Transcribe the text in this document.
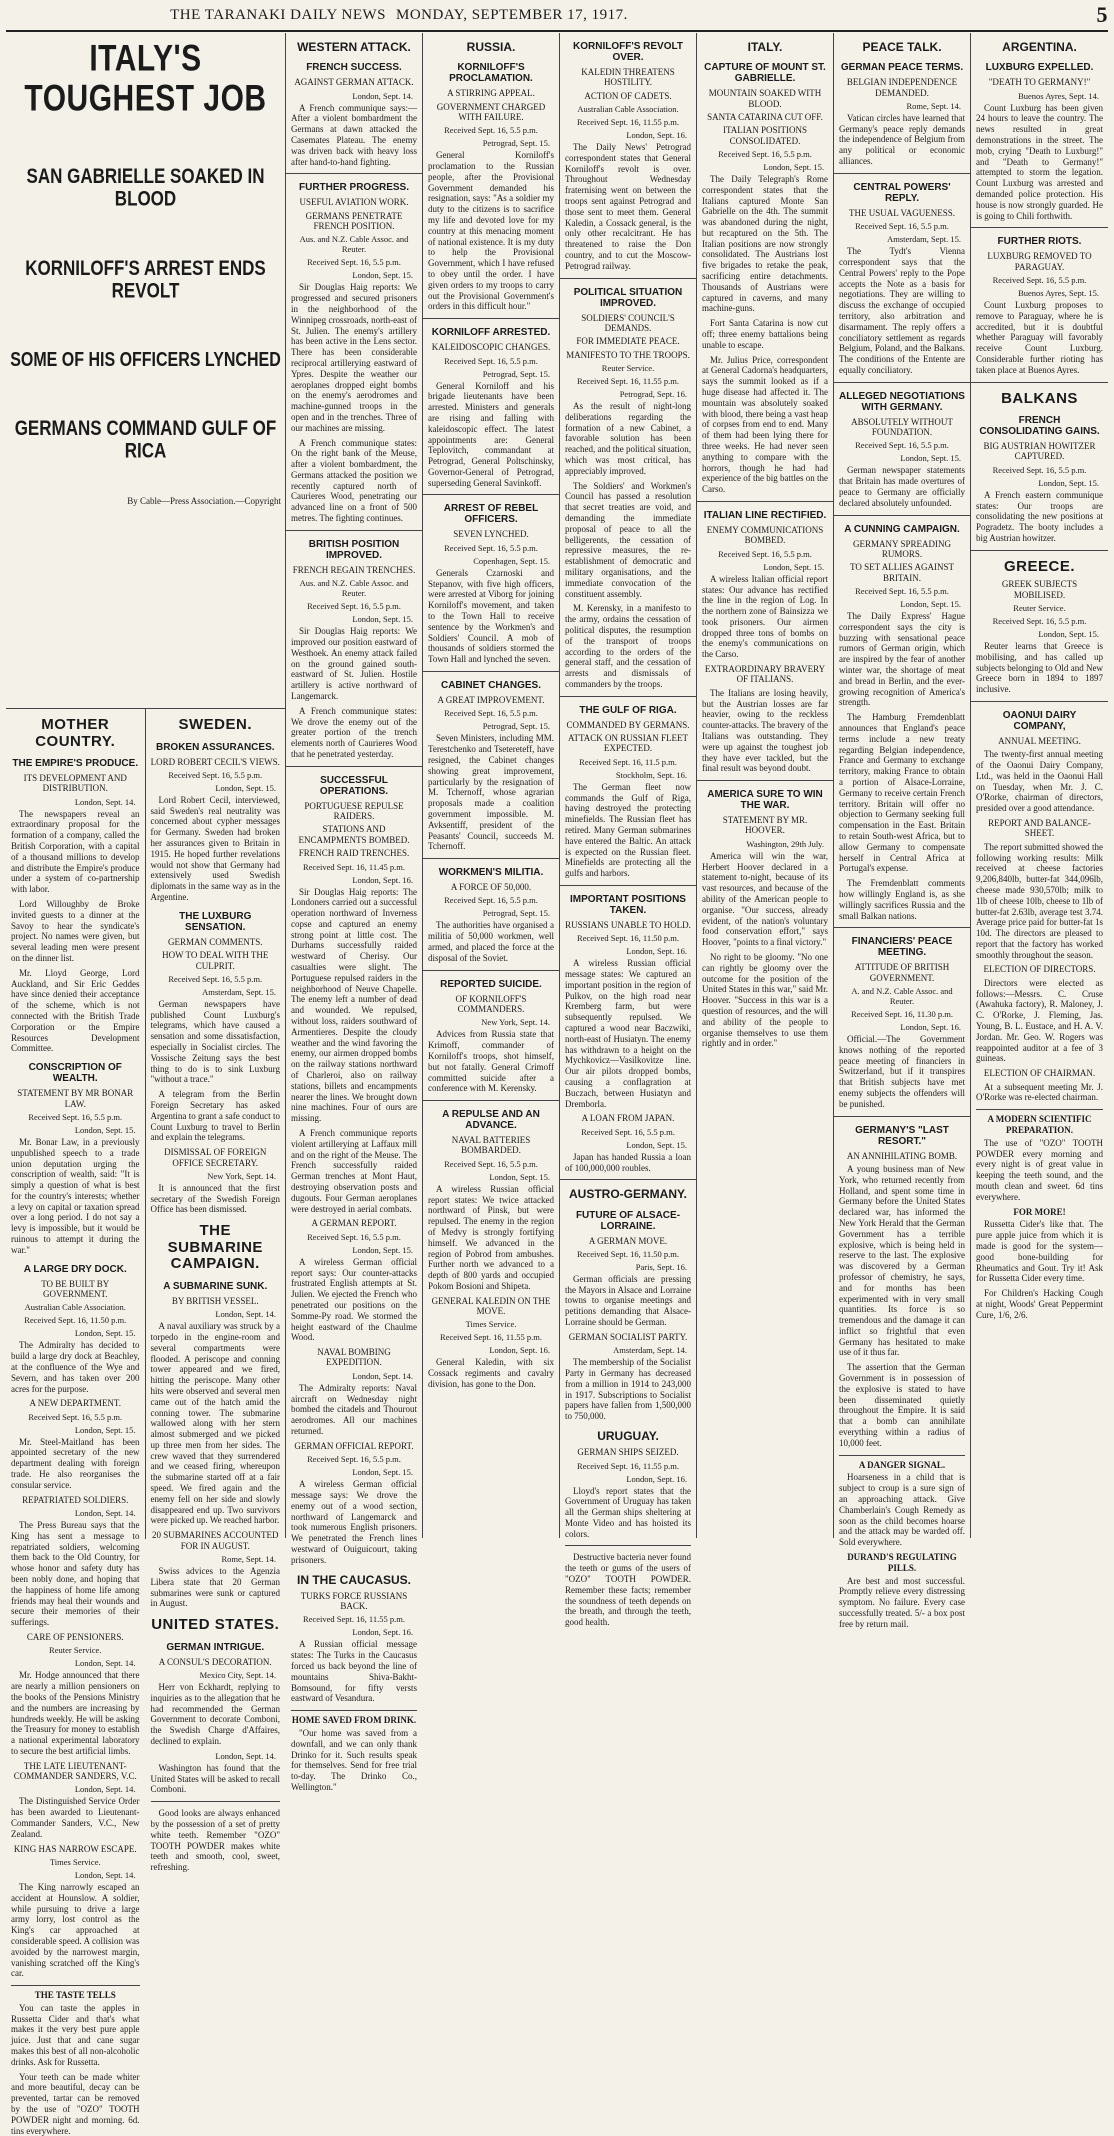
THE TARANAKI DAILY NEWS MONDAY, SEPTEMBER 17, 1917.	5
ITALY'S TOUGHEST JOB
SAN GABRIELLE SOAKED IN BLOOD
KORNILOFF'S ARREST ENDS REVOLT
SOME OF HIS OFFICERS LYNCHED
GERMANS COMMAND GULF OF RICA
By Cable—Press Association.—Copyright
MOTHER COUNTRY.
THE EMPIRE'S PRODUCE.
ITS DEVELOPMENT AND DISTRIBUTION.
London, Sept. 14.

The newspapers reveal an extraordinary proposal for the formation of a company, called the British Corporation, with a capital of a thousand millions to develop and distribute the Empire's produce under a system of co-partnership with labor.

Lord Willoughby de Broke invited guests to a dinner at the Savoy to hear the syndicate's project. No names were given, but several leading men were present on the dinner list.

Mr. Lloyd George, Lord Auckland, and Sir Eric Geddes have since denied their acceptance of the scheme, which is not connected with the British Trade Corporation or the Empire Resources Development Committee.

CONSCRIPTION OF WEALTH.
STATEMENT BY MR BONAR LAW.
Received Sept. 16, 5.5 p.m.
London, Sept. 15.

Mr. Bonar Law, in a previously unpublished speech to a trade union deputation urging the conscription of wealth, said: "It is simply a question of what is best for the country's interests; whether a levy on capital or taxation spread over a long period. I do not say a levy is impossible, but it would be ruinous to attempt it during the war."

A LARGE DRY DOCK.
TO BE BUILT BY GOVERNMENT.
Australian Cable Association.
Received Sept. 16, 11.50 p.m.
London, Sept. 15.

The Admiralty has decided to build a large dry dock at Beachley, at the confluence of the Wye and Severn, and has taken over 200 acres for the purpose.

A NEW DEPARTMENT.
Received Sept. 16, 5.5 p.m.
London, Sept. 15.

Mr. Steel-Maitland has been appointed secretary of the new department dealing with foreign trade. He also reorganises the consular service.

REPATRIATED SOLDIERS.
London, Sept. 14.

The Press Bureau says that the King has sent a message to repatriated soldiers, welcoming them back to the Old Country, for whose honor and safety duty has been nobly done, and hoping that the happiness of home life among friends may heal their wounds and secure their memories of their sufferings.

CARE OF PENSIONERS.
Reuter Service.
London, Sept. 14.

Mr. Hodge announced that there are nearly a million pensioners on the books of the Pensions Ministry and the numbers are increasing by hundreds weekly. He will be asking the Treasury for money to establish a national experimental laboratory to secure the best artificial limbs.

THE LATE LIEUTENANT-COMMANDER SANDERS, V.C.
London, Sept. 14.

The Distinguished Service Order has been awarded to Lieutenant-Commander Sanders, V.C., New Zealand.

KING HAS NARROW ESCAPE.
Times Service.
London, Sept. 14.

The King narrowly escaped an accident at Hounslow. A soldier, while pursuing to drive a large army lorry, lost control as the King's car approached at considerable speed. A collision was avoided by the narrowest margin, vanishing scratched off the King's car.

THE TASTE TELLS

You can taste the apples in Russetta Cider and that's what makes it the very best pure apple juice. Just that and cane sugar makes this best of all non-alcoholic drinks. Ask for Russetta.

Your teeth can be made whiter and more beautiful, decay can be prevented, tartar can be removed by the use of "OZO" TOOTH POWDER night and morning. 6d. tins everywhere.

SWEDEN.
BROKEN ASSURANCES.
LORD ROBERT CECIL'S VIEWS.
Received Sept. 16, 5.5 p.m.
London, Sept. 15.

Lord Robert Cecil, interviewed, said Sweden's real neutrality was concerned about cypher messages for Germany. Sweden had broken her assurances given to Britain in 1915. He hoped further revelations would not show that Germany had extensively used Swedish diplomats in the same way as in the Argentine.

THE LUXBURG SENSATION.
GERMAN COMMENTS.
HOW TO DEAL WITH THE CULPRIT.
Received Sept. 16, 5.5 p.m.
Amsterdam, Sept. 15.

German newspapers have published Count Luxburg's telegrams, which have caused a sensation and some dissatisfaction, especially in Socialist circles. The Vossische Zeitung says the best thing to do is to sink Luxburg "without a trace."

A telegram from the Berlin Foreign Secretary has asked Argentina to grant a safe conduct to Count Luxburg to travel to Berlin and explain the telegrams.

DISMISSAL OF FOREIGN OFFICE SECRETARY.
New York, Sept. 14.

It is announced that the first secretary of the Swedish Foreign Office has been dismissed.

THE SUBMARINE CAMPAIGN.
A SUBMARINE SUNK.
BY BRITISH VESSEL.
London, Sept. 14.

A naval auxiliary was struck by a torpedo in the engine-room and several compartments were flooded. A periscope and conning tower appeared and we fired, hitting the periscope. Many other hits were observed and several men came out of the hatch amid the conning tower. The submarine wallowed along with her stern almost submerged and we picked up three men from her sides. The crew waved that they surrendered and we ceased firing, whereupon the submarine started off at a fair speed. We fired again and the enemy fell on her side and slowly disappeared end up. Two survivors were picked up. We reached harbor.

20 SUBMARINES ACCOUNTED FOR IN AUGUST.
Rome, Sept. 14.

Swiss advices to the Agenzia Libera state that 20 German submarines were sunk or captured in August.

UNITED STATES.
GERMAN INTRIGUE.
A CONSUL'S DECORATION.
Mexico City, Sept. 14.

Herr von Eckhardt, replying to inquiries as to the allegation that he had recommended the German Government to decorate Comboni, the Swedish Charge d'Affaires, declined to explain.

London, Sept. 14.

Washington has found that the United States will be asked to recall Comboni.

Good looks are always enhanced by the possession of a set of pretty white teeth. Remember "OZO" TOOTH POWDER makes white teeth and smooth, cool, sweet, refreshing.

WESTERN ATTACK.
FRENCH SUCCESS.
AGAINST GERMAN ATTACK.
London, Sept. 14.

A French communique says:—After a violent bombardment the Germans at dawn attacked the Casemates Plateau. The enemy was driven back with heavy loss after hand-to-hand fighting.

FURTHER PROGRESS.
USEFUL AVIATION WORK.
GERMANS PENETRATE FRENCH POSITION.
Aus. and N.Z. Cable Assoc. and Reuter.
Received Sept. 16, 5.5 p.m.
London, Sept. 15.

Sir Douglas Haig reports: We progressed and secured prisoners in the neighborhood of the Winnipeg crossroads, north-east of St. Julien. The enemy's artillery has been active in the Lens sector. There has been considerable reciprocal artillerying eastward of Ypres. Despite the weather our aeroplanes dropped eight bombs on the enemy's aerodromes and machine-gunned troops in the open and in the trenches. Three of our machines are missing.

A French communique states: On the right bank of the Meuse, after a violent bombardment, the Germans attacked the position we recently captured north of Caurieres Wood, penetrating our advanced line on a front of 500 metres. The fighting continues.

BRITISH POSITION IMPROVED.
FRENCH REGAIN TRENCHES.
Aus. and N.Z. Cable Assoc. and Reuter.
Received Sept. 16, 5.5 p.m.
London, Sept. 15.

Sir Douglas Haig reports: We improved our position eastward of Westhoek. An enemy attack failed on the ground gained south-eastward of St. Julien. Hostile artillery is active northward of Langemarck.

A French communique states: We drove the enemy out of the greater portion of the trench elements north of Caurieres Wood that he penetrated yesterday.

SUCCESSFUL OPERATIONS.
PORTUGUESE REPULSE RAIDERS.
STATIONS AND ENCAMPMENTS BOMBED.
FRENCH RAID TRENCHES.
Received Sept. 16, 11.45 p.m.
London, Sept. 16.

Sir Douglas Haig reports: The Londoners carried out a successful operation northward of Inverness copse and captured an enemy strong point at little cost. The Durhams successfully raided westward of Cherisy. Our casualties were slight. The Portuguese repulsed raiders in the neighborhood of Neuve Chapelle. The enemy left a number of dead and wounded. We repulsed, without loss, raiders southward of Armentieres. Despite the cloudy weather and the wind favoring the enemy, our airmen dropped bombs on the railway stations northward of Charleroi, also on railway stations, billets and encampments nearer the lines. We brought down nine machines. Four of ours are missing.

A French communique reports violent artillerying at Laffaux mill and on the right of the Meuse. The French successfully raided German trenches at Mont Haut, destroying observation posts and dugouts. Four German aeroplanes were destroyed in aerial combats.

A GERMAN REPORT.
Received Sept. 16, 5.5 p.m.
London, Sept. 15.

A wireless German official report says: Our counter-attacks frustrated English attempts at St. Julien. We ejected the French who penetrated our positions on the Somme-Py road. We stormed the height eastward of the Chaulme Wood.

NAVAL BOMBING EXPEDITION.
London, Sept. 14.

The Admiralty reports: Naval aircraft on Wednesday night bombed the citadels and Thourout aerodromes. All our machines returned.

GERMAN OFFICIAL REPORT.
Received Sept. 16, 5.5 p.m.
London, Sept. 15.

A wireless German official message says: We drove the enemy out of a wood section, northward of Langemarck and took numerous English prisoners. We penetrated the French lines westward of Ouiguicourt, taking prisoners.

IN THE CAUCASUS.
TURKS FORCE RUSSIANS BACK.
Received Sept. 16, 11.55 p.m.
London, Sept. 16.

A Russian official message states: The Turks in the Caucasus forced us back beyond the line of mountains Shiva-Bakht-Bomsound, for fifty versts eastward of Vesandura.

HOME SAVED FROM DRINK.

"Our home was saved from a downfall, and we can only thank Drinko for it. Such results speak for themselves. Send for free trial to-day. The Drinko Co., Wellington."

RUSSIA.
KORNILOFF'S PROCLAMATION.
A STIRRING APPEAL.
GOVERNMENT CHARGED WITH FAILURE.
Received Sept. 16, 5.5 p.m.
Petrograd, Sept. 15.

General Korniloff's proclamation to the Russian people, after the Provisional Government demanded his resignation, says: "As a soldier my duty to the citizens is to sacrifice my life and devoted love for my country at this menacing moment of national existence. It is my duty to help the Provisional Government, which I have refused to obey until the order. I have given orders to my troops to carry out the Provisional Government's orders in this difficult hour."

KORNILOFF ARRESTED.
KALEIDOSCOPIC CHANGES.
Received Sept. 16, 5.5 p.m.
Petrograd, Sept. 15.

General Korniloff and his brigade lieutenants have been arrested. Ministers and generals are rising and falling with kaleidoscopic effect. The latest appointments are: General Teplovitch, commandant at Petrograd, General Poltschinsky, Governor-General of Petrograd, superseding General Savinkoff.

ARREST OF REBEL OFFICERS.
SEVEN LYNCHED.
Received Sept. 16, 5.5 p.m.
Copenhagen, Sept. 15.

Generals Czarnoski and Stepanov, with five high officers, were arrested at Viborg for joining Korniloff's movement, and taken to the Town Hall to receive sentence by the Workmen's and Soldiers' Council. A mob of thousands of soldiers stormed the Town Hall and lynched the seven.

CABINET CHANGES.
A GREAT IMPROVEMENT.
Received Sept. 16, 5.5 p.m.
Petrograd, Sept. 15.

Seven Ministers, including MM. Terestchenko and Tsetereteff, have resigned, the Cabinet changes showing great improvement, particularly by the resignation of M. Tchernoff, whose agrarian proposals made a coalition government impossible. M. Avksentiff, president of the Peasants' Council, succeeds M. Tchernoff.

WORKMEN'S MILITIA.
A FORCE OF 50,000.
Received Sept. 16, 5.5 p.m.
Petrograd, Sept. 15.

The authorities have organised a militia of 50,000 workmen, well armed, and placed the force at the disposal of the Soviet.

REPORTED SUICIDE.
OF KORNILOFF'S COMMANDERS.
New York, Sept. 14.

Advices from Russia state that Krimoff, commander of Korniloff's troops, shot himself, but not fatally. General Crimoff committed suicide after a conference with M. Kerensky.

A REPULSE AND AN ADVANCE.
NAVAL BATTERIES BOMBARDED.
Received Sept. 16, 5.5 p.m.
London, Sept. 15.

A wireless Russian official report states: We twice attacked northward of Pinsk, but were repulsed. The enemy in the region of Medvy is strongly fortifying himself. We advanced in the region of Pobrod from ambushes. Further north we advanced to a depth of 800 yards and occupied Pokom Bosioni and Shipeta.

GENERAL KALEDIN ON THE MOVE.
Times Service.
Received Sept. 16, 11.55 p.m.
London, Sept. 16.

General Kaledin, with six Cossack regiments and cavalry division, has gone to the Don.

KORNILOFF'S REVOLT OVER.
KALEDIN THREATENS HOSTILITY.
ACTION OF CADETS.
Australian Cable Association.
Received Sept. 16, 11.55 p.m.
London, Sept. 16.

The Daily News' Petrograd correspondent states that General Korniloff's revolt is over. Throughout Wednesday fraternising went on between the troops sent against Petrograd and those sent to meet them. General Kaledin, a Cossack general, is the only other recalcitrant. He has threatened to raise the Don country, and to cut the Moscow-Petrograd railway.

POLITICAL SITUATION IMPROVED.
SOLDIERS' COUNCIL'S DEMANDS.
FOR IMMEDIATE PEACE.
MANIFESTO TO THE TROOPS.
Reuter Service.
Received Sept. 16, 11.55 p.m.
Petrograd, Sept. 16.

As the result of night-long deliberations regarding the formation of a new Cabinet, a favorable solution has been reached, and the political situation, which was most critical, has appreciably improved.

The Soldiers' and Workmen's Council has passed a resolution that secret treaties are void, and demanding the immediate proposal of peace to all the belligerents, the cessation of repressive measures, the re-establishment of democratic and military organisations, and the immediate convocation of the constituent assembly.

M. Kerensky, in a manifesto to the army, ordains the cessation of political disputes, the resumption of the transport of troops according to the orders of the general staff, and the cessation of arrests and dismissals of commanders by the troops.

THE GULF OF RIGA.
COMMANDED BY GERMANS.
ATTACK ON RUSSIAN FLEET EXPECTED.
Received Sept. 16, 11.5 p.m.
Stockholm, Sept. 16.

The German fleet now commands the Gulf of Riga, having destroyed the protecting minefields. The Russian fleet has retired. Many German submarines have entered the Baltic. An attack is expected on the Russian fleet. Minefields are protecting all the gulfs and harbors.

IMPORTANT POSITIONS TAKEN.
RUSSIANS UNABLE TO HOLD.
Received Sept. 16, 11.50 p.m.
London, Sept. 16.

A wireless Russian official message states: We captured an important position in the region of Pulkov, on the high road near Kremberg farm, but were subsequently repulsed. We captured a wood near Baczwiki, north-east of Husiatyn. The enemy has withdrawn to a height on the Mychkovicz—Vasilkovitze line. Our air pilots dropped bombs, causing a conflagration at Buczach, between Husiatyn and Dremborla.

A LOAN FROM JAPAN.
Received Sept. 16, 5.5 p.m.
London, Sept. 15.

Japan has handed Russia a loan of 100,000,000 roubles.

AUSTRO-GERMANY.
FUTURE OF ALSACE-LORRAINE.
A GERMAN MOVE.
Received Sept. 16, 11.50 p.m.
Paris, Sept. 16.

German officials are pressing the Mayors in Alsace and Lorraine towns to organise meetings and petitions demanding that Alsace-Lorraine should be German.

GERMAN SOCIALIST PARTY.
Amsterdam, Sept. 14.

The membership of the Socialist Party in Germany has decreased from a million in 1914 to 243,000 in 1917. Subscriptions to Socialist papers have fallen from 1,500,000 to 750,000.

URUGUAY.
GERMAN SHIPS SEIZED.
Received Sept. 16, 11.55 p.m.
London, Sept. 16.

Lloyd's report states that the Government of Uruguay has taken all the German ships sheltering at Monte Video and has hoisted its colors.

Destructive bacteria never found the teeth or gums of the users of "OZO" TOOTH POWDER. Remember these facts; remember the soundness of teeth depends on the breath, and through the teeth, good health.

ITALY.
CAPTURE OF MOUNT ST. GABRIELLE.
MOUNTAIN SOAKED WITH BLOOD.
SANTA CATARINA CUT OFF.
ITALIAN POSITIONS CONSOLIDATED.
Received Sept. 16, 5.5 p.m.
London, Sept. 15.

The Daily Telegraph's Rome correspondent states that the Italians captured Monte San Gabrielle on the 4th. The summit was abandoned during the night, but recaptured on the 5th. The Italian positions are now strongly consolidated. The Austrians lost five brigades to retake the peak, sacrificing entire detachments. Thousands of Austrians were captured in caverns, and many machine-guns.

Fort Santa Catarina is now cut off; three enemy battalions being unable to escape.

Mr. Julius Price, correspondent at General Cadorna's headquarters, says the summit looked as if a huge disease had affected it. The mountain was absolutely soaked with blood, there being a vast heap of corpses from end to end. Many of them had been lying there for three weeks. He had never seen anything to compare with the horrors, though he had had experience of the big battles on the Carso.

ITALIAN LINE RECTIFIED.
ENEMY COMMUNICATIONS BOMBED.
Received Sept. 16, 5.5 p.m.
London, Sept. 15.

A wireless Italian official report states: Our advance has rectified the line in the region of Log. In the northern zone of Bainsizza we took prisoners. Our airmen dropped three tons of bombs on the enemy's communications on the Carso.

EXTRAORDINARY BRAVERY OF ITALIANS.

The Italians are losing heavily, but the Austrian losses are far heavier, owing to the reckless counter-attacks. The bravery of the Italians was outstanding. They were up against the toughest job they have ever tackled, but the final result was beyond doubt.

AMERICA SURE TO WIN THE WAR.
STATEMENT BY MR. HOOVER.
Washington, 29th July.

America will win the war, Herbert Hoover declared in a statement to-night, because of its vast resources, and because of the ability of the American people to organise. "Our success, already evident, of the nation's voluntary food conservation effort," says Hoover, "points to a final victory."

No right to be gloomy. "No one can rightly be gloomy over the outcome for the position of the United States in this war," said Mr. Hoover. "Success in this war is a question of resources, and the will and ability of the people to organise themselves to use them rightly and in order."

PEACE TALK.
GERMAN PEACE TERMS.
BELGIAN INDEPENDENCE DEMANDED.
Rome, Sept. 14.

Vatican circles have learned that Germany's peace reply demands the independence of Belgium from any political or economic alliances.

CENTRAL POWERS' REPLY.
THE USUAL VAGUENESS.
Received Sept. 16, 5.5 p.m.
Amsterdam, Sept. 15.

The Tydt's Vienna correspondent says that the Central Powers' reply to the Pope accepts the Note as a basis for negotiations. They are willing to discuss the exchange of occupied territory, also arbitration and disarmament. The reply offers a conciliatory settlement as regards Belgium, Poland, and the Balkans. The conditions of the Entente are equally conciliatory.

ALLEGED NEGOTIATIONS WITH GERMANY.
ABSOLUTELY WITHOUT FOUNDATION.
Received Sept. 16, 5.5 p.m.
London, Sept. 15.

German newspaper statements that Britain has made overtures of peace to Germany are officially declared absolutely unfounded.

A CUNNING CAMPAIGN.
GERMANY SPREADING RUMORS.
TO SET ALLIES AGAINST BRITAIN.
Received Sept. 16, 5.5 p.m.
London, Sept. 15.

The Daily Express' Hague correspondent says the city is buzzing with sensational peace rumors of German origin, which are inspired by the fear of another winter war, the shortage of meat and bread in Berlin, and the ever-growing recognition of America's strength.

The Hamburg Fremdenblatt announces that England's peace terms include a new treaty regarding Belgian independence, France and Germany to exchange territory, making France to obtain a portion of Alsace-Lorraine, Germany to receive certain French territory. Britain will offer no objection to Germany seeking full compensation in the East. Britain to retain South-west Africa, but to allow Germany to compensate herself in Central Africa at Portugal's expense.

The Fremdenblatt comments how willingly England is, as she willingly sacrifices Russia and the small Balkan nations.

FINANCIERS' PEACE MEETING.
ATTITUDE OF BRITISH GOVERNMENT.
A. and N.Z. Cable Assoc. and Reuter.
Received Sept. 16, 11.30 p.m.
London, Sept. 16.

Official.—The Government knows nothing of the reported peace meeting of financiers in Switzerland, but if it transpires that British subjects have met enemy subjects the offenders will be punished.

GERMANY'S "LAST RESORT."
AN ANNIHILATING BOMB.

A young business man of New York, who returned recently from Holland, and spent some time in Germany before the United States declared war, has informed the New York Herald that the German Government has a terrible explosive, which is being held in reserve to the last. The explosive was discovered by a German professor of chemistry, he says, and for months has been experimented with in very small quantities. Its force is so tremendous and the damage it can inflict so frightful that even Germany has hesitated to make use of it thus far.

The assertion that the German Government is in possession of the explosive is stated to have been disseminated quietly throughout the Empire. It is said that a bomb can annihilate everything within a radius of 10,000 feet.

A DANGER SIGNAL.

Hoarseness in a child that is subject to croup is a sure sign of an approaching attack. Give Chamberlain's Cough Remedy as soon as the child becomes hoarse and the attack may be warded off. Sold everywhere.

DURAND'S REGULATING PILLS.

Are best and most successful. Promptly relieve every distressing symptom. No failure. Every case successfully treated. 5/- a box post free by return mail.

ARGENTINA.
LUXBURG EXPELLED.
"DEATH TO GERMANY!"
Buenos Ayres, Sept. 14.

Count Luxburg has been given 24 hours to leave the country. The news resulted in great demonstrations in the street. The mob, crying "Death to Luxburg!" and "Death to Germany!" attempted to storm the legation. Count Luxburg was arrested and demanded police protection. His house is now strongly guarded. He is going to Chili forthwith.

FURTHER RIOTS.
LUXBURG REMOVED TO PARAGUAY.
Received Sept. 16, 5.5 p.m.
Buenos Ayres, Sept. 15.

Count Luxburg proposes to remove to Paraguay, where he is accredited, but it is doubtful whether Paraguay will favorably receive Count Luxburg. Considerable further rioting has taken place at Buenos Ayres.

BALKANS
FRENCH CONSOLIDATING GAINS.
BIG AUSTRIAN HOWITZER CAPTURED.
Received Sept. 16, 5.5 p.m.
London, Sept. 15.

A French eastern communique states: Our troops are consolidating the new positions at Pogradetz. The booty includes a big Austrian howitzer.

GREECE.
GREEK SUBJECTS MOBILISED.
Reuter Service.
Received Sept. 16, 5.5 p.m.
London, Sept. 15.

Reuter learns that Greece is mobilising, and has called up subjects belonging to Old and New Greece born in 1894 to 1897 inclusive.

OAONUI DAIRY COMPANY,
ANNUAL MEETING.

The twenty-first annual meeting of the Oaonui Dairy Company, Ltd., was held in the Oaonui Hall on Tuesday, when Mr. J. C. O'Rorke, chairman of directors, presided over a good attendance.

REPORT AND BALANCE-SHEET.

The report submitted showed the following working results: Milk received at cheese factories 9,206,840lb, butter-fat 344,096lb, cheese made 930,570lb; milk to 1lb of cheese 10lb, cheese to 1lb of butter-fat 2.63lb, average test 3.74. Average price paid for butter-fat 1s 10d. The directors are pleased to report that the factory has worked smoothly throughout the season.

ELECTION OF DIRECTORS.

Directors were elected as follows:—Messrs. C. Cruse (Awahuka factory), R. Maloney, J. C. O'Rorke, J. Fleming, Jas. Young, B. L. Eustace, and H. A. V. Jordan. Mr. Geo. W. Rogers was reappointed auditor at a fee of 3 guineas.

ELECTION OF CHAIRMAN.

At a subsequent meeting Mr. J. O'Rorke was re-elected chairman.

A MODERN SCIENTIFIC PREPARATION.

The use of "OZO" TOOTH POWDER every morning and every night is of great value in keeping the teeth sound, and the mouth clean and sweet. 6d tins everywhere.

FOR MORE!

Russetta Cider's like that. The pure apple juice from which it is made is good for the system—good bone-building for Rheumatics and Gout. Try it! Ask for Russetta Cider every time.

For Children's Hacking Cough at night, Woods' Great Peppermint Cure, 1/6, 2/6.
